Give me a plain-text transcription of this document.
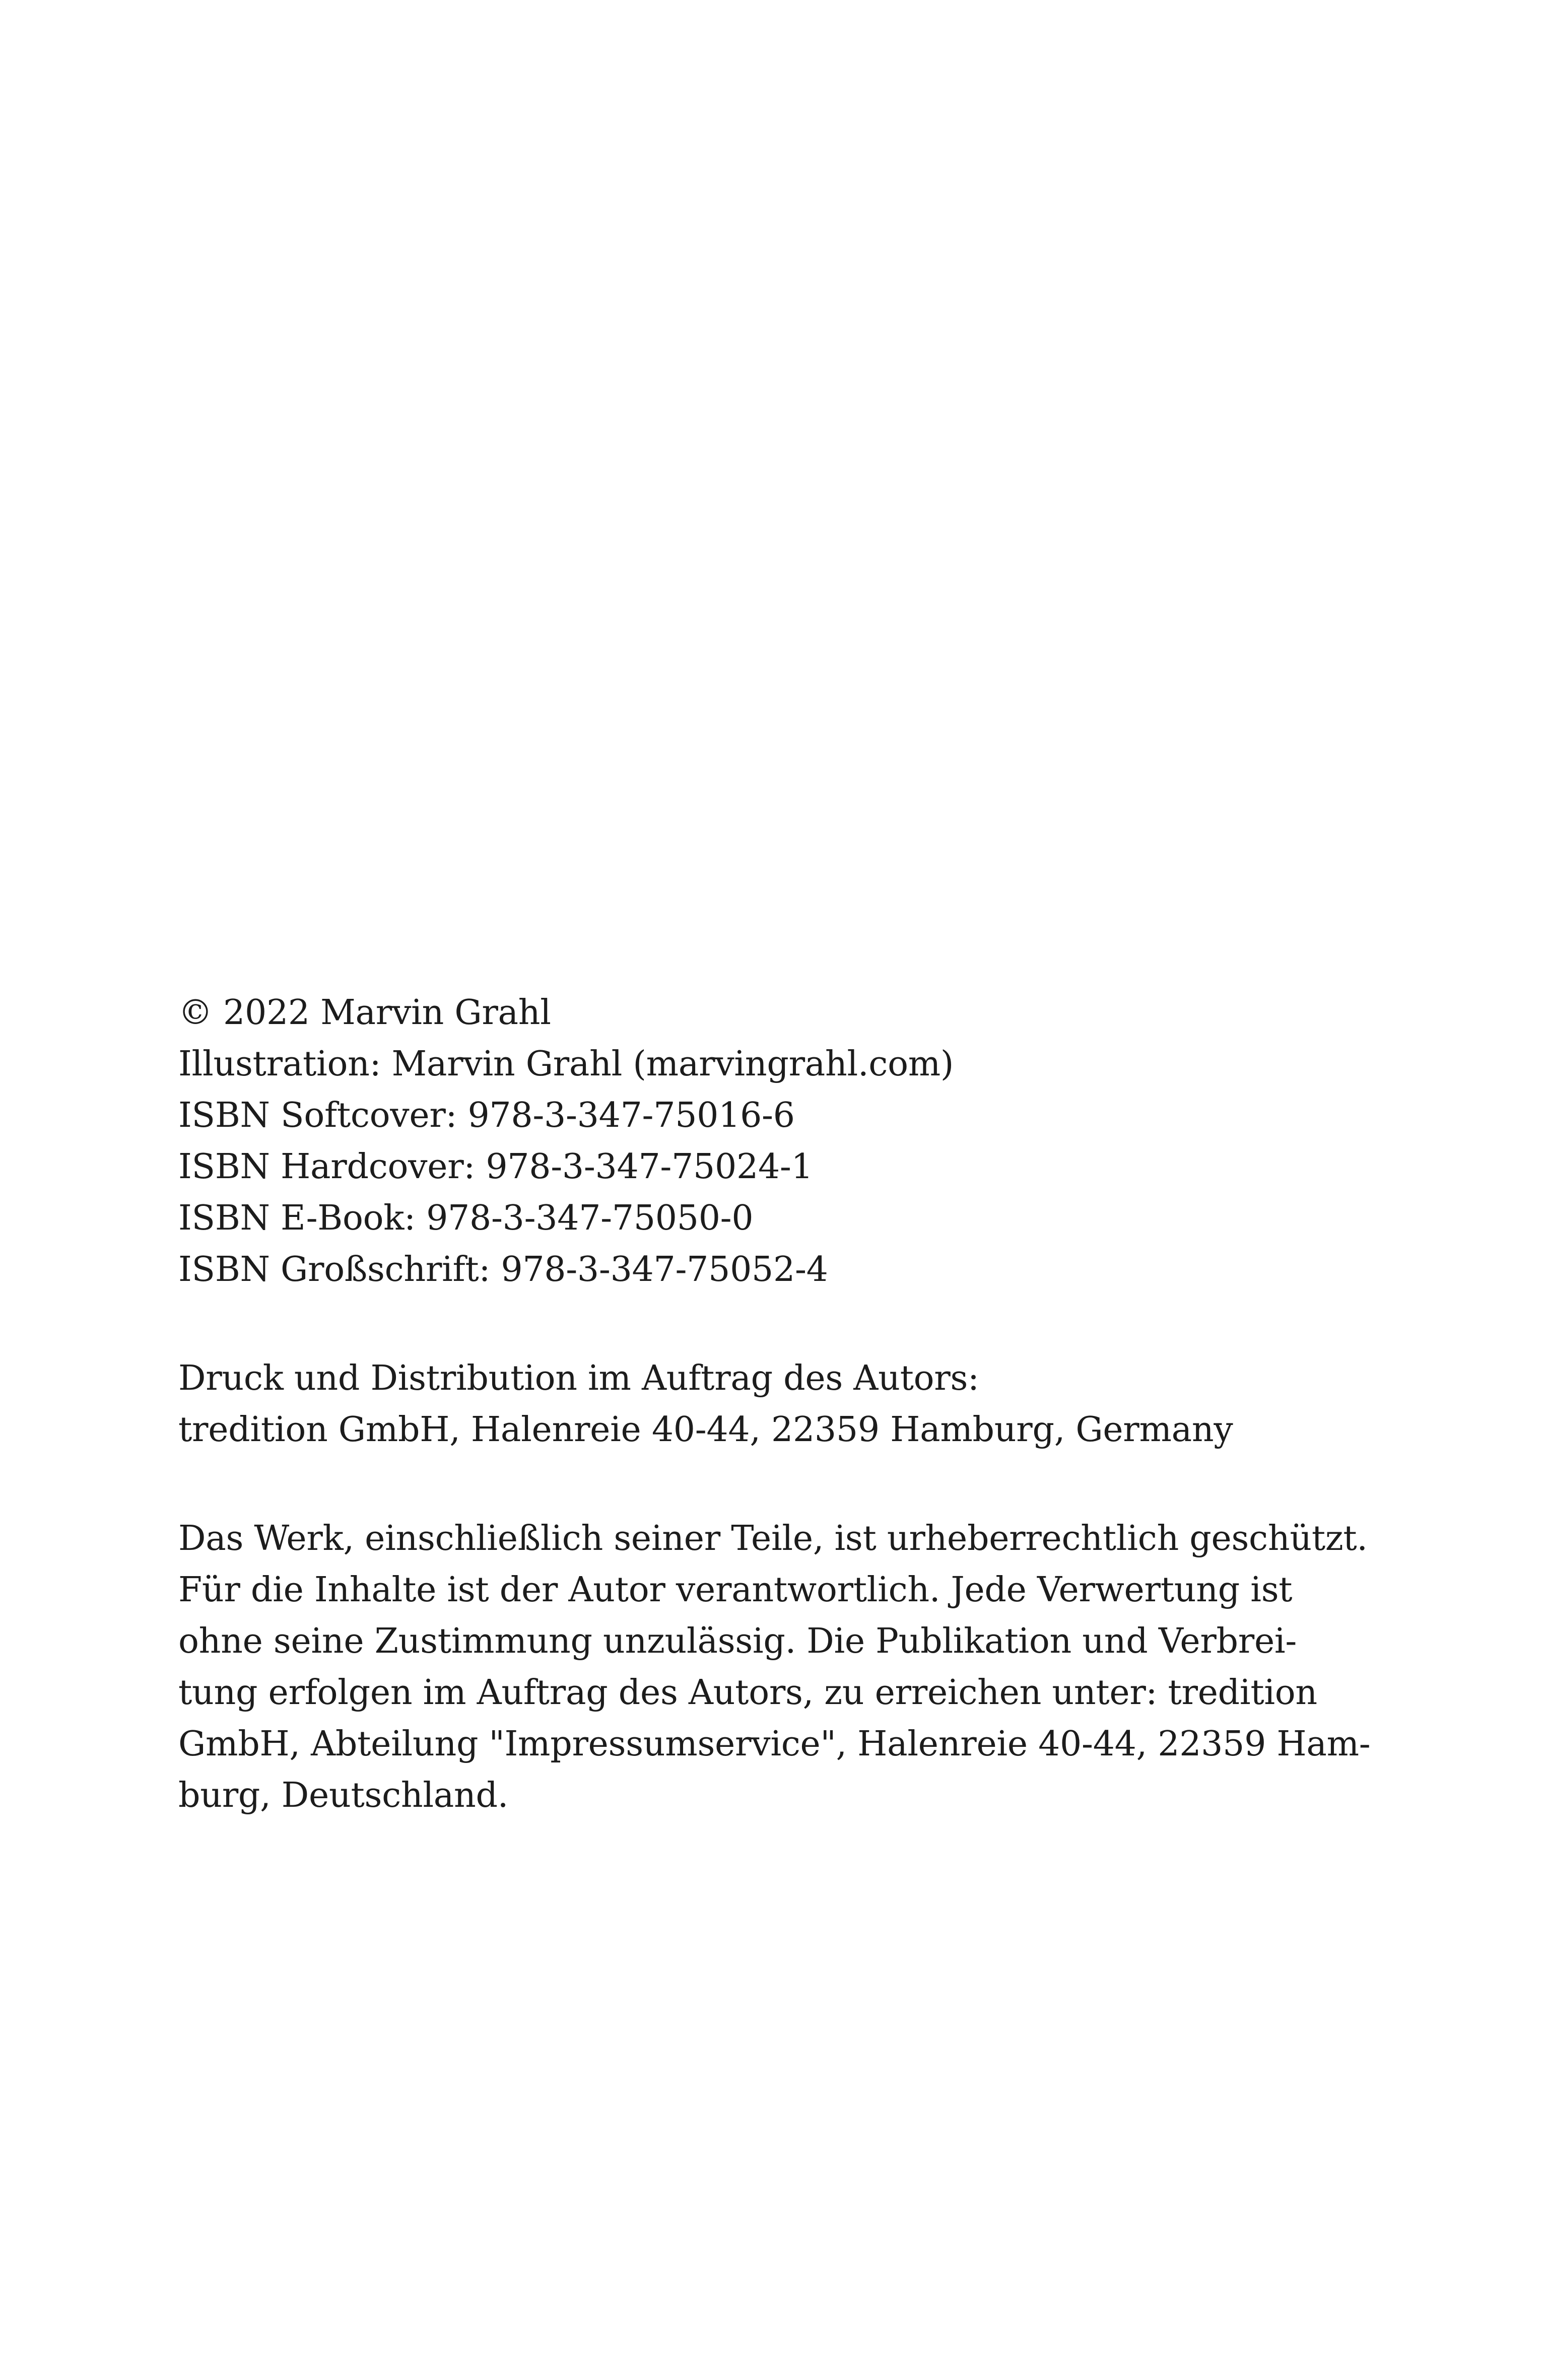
© 2022 Marvin Grahl

Illustration: Marvin Grahl (marvingrahl.com)

ISBN Softcover: 978-3-347-75016-6
ISBN Hardcover: 978-3-347-75024-1
ISBN E-Book: 978-3-347-75050-0
ISBN Großschrift: 978-3-347-75052-4
Druck und Distribution im Auftrag des Autors:
tredition GmbH, Halenreie 40-44, 22359 Hamburg, Germany
Das Werk, einschließlich seiner Teile, ist urheberrechtlich geschützt.
Für die Inhalte ist der Autor verantwortlich. Jede Verwertung ist
ohne seine Zustimmung unzulässig. Die Publikation und Verbrei-
tung erfolgen im Auftrag des Autors, zu erreichen unter: tredition
GmbH, Abteilung "Impressumservice", Halenreie 40-44, 22359 Ham-
burg, Deutschland.
